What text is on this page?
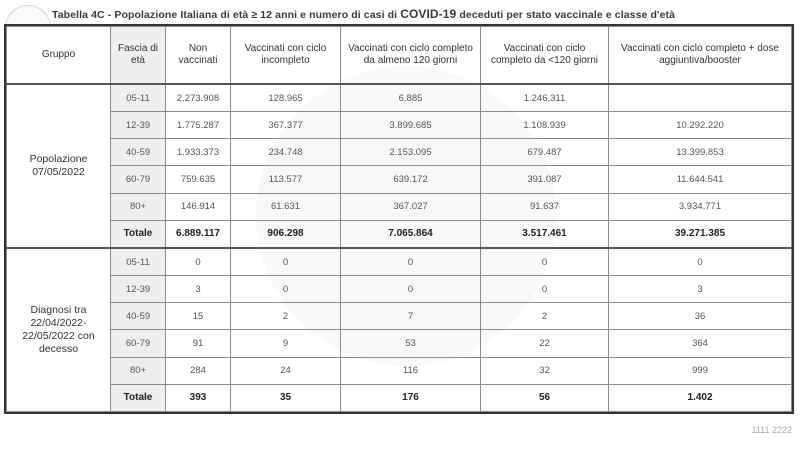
Tabella 4C - Popolazione Italiana di età ≥ 12 anni e numero di casi di COVID-19 deceduti per stato vaccinale e classe d'età
Gruppo	Fascia di età	Non vaccinati	Vaccinati con ciclo incompleto	Vaccinati con ciclo completo da almeno 120 giorni	Vaccinati con ciclo completo da <120 giorni	Vaccinati con ciclo completo + dose aggiuntiva/booster
Popolazione 07/05/2022	05-11	2.273.908	128.965	6.885	1.246.311	
	12-39	1.775.287	367.377	3.899.685	1.108.939	10.292.220
	40-59	1.933.373	234.748	2.153.095	679.487	13.399.853
	60-79	759.635	113.577	639.172	391.087	11.644.541
	80+	146.914	61.631	367.027	91.637	3.934.771
	Totale	6.889.117	906.298	7.065.864	3.517.461	39.271.385
Diagnosi tra 22/04/2022-22/05/2022 con decesso	05-11	0	0	0	0	0
	12-39	3	0	0	0	3
	40-59	15	2	7	2	36
	60-79	91	9	53	22	364
	80+	284	24	116	32	999
	Totale	393	35	176	56	1.402
1111 2222
